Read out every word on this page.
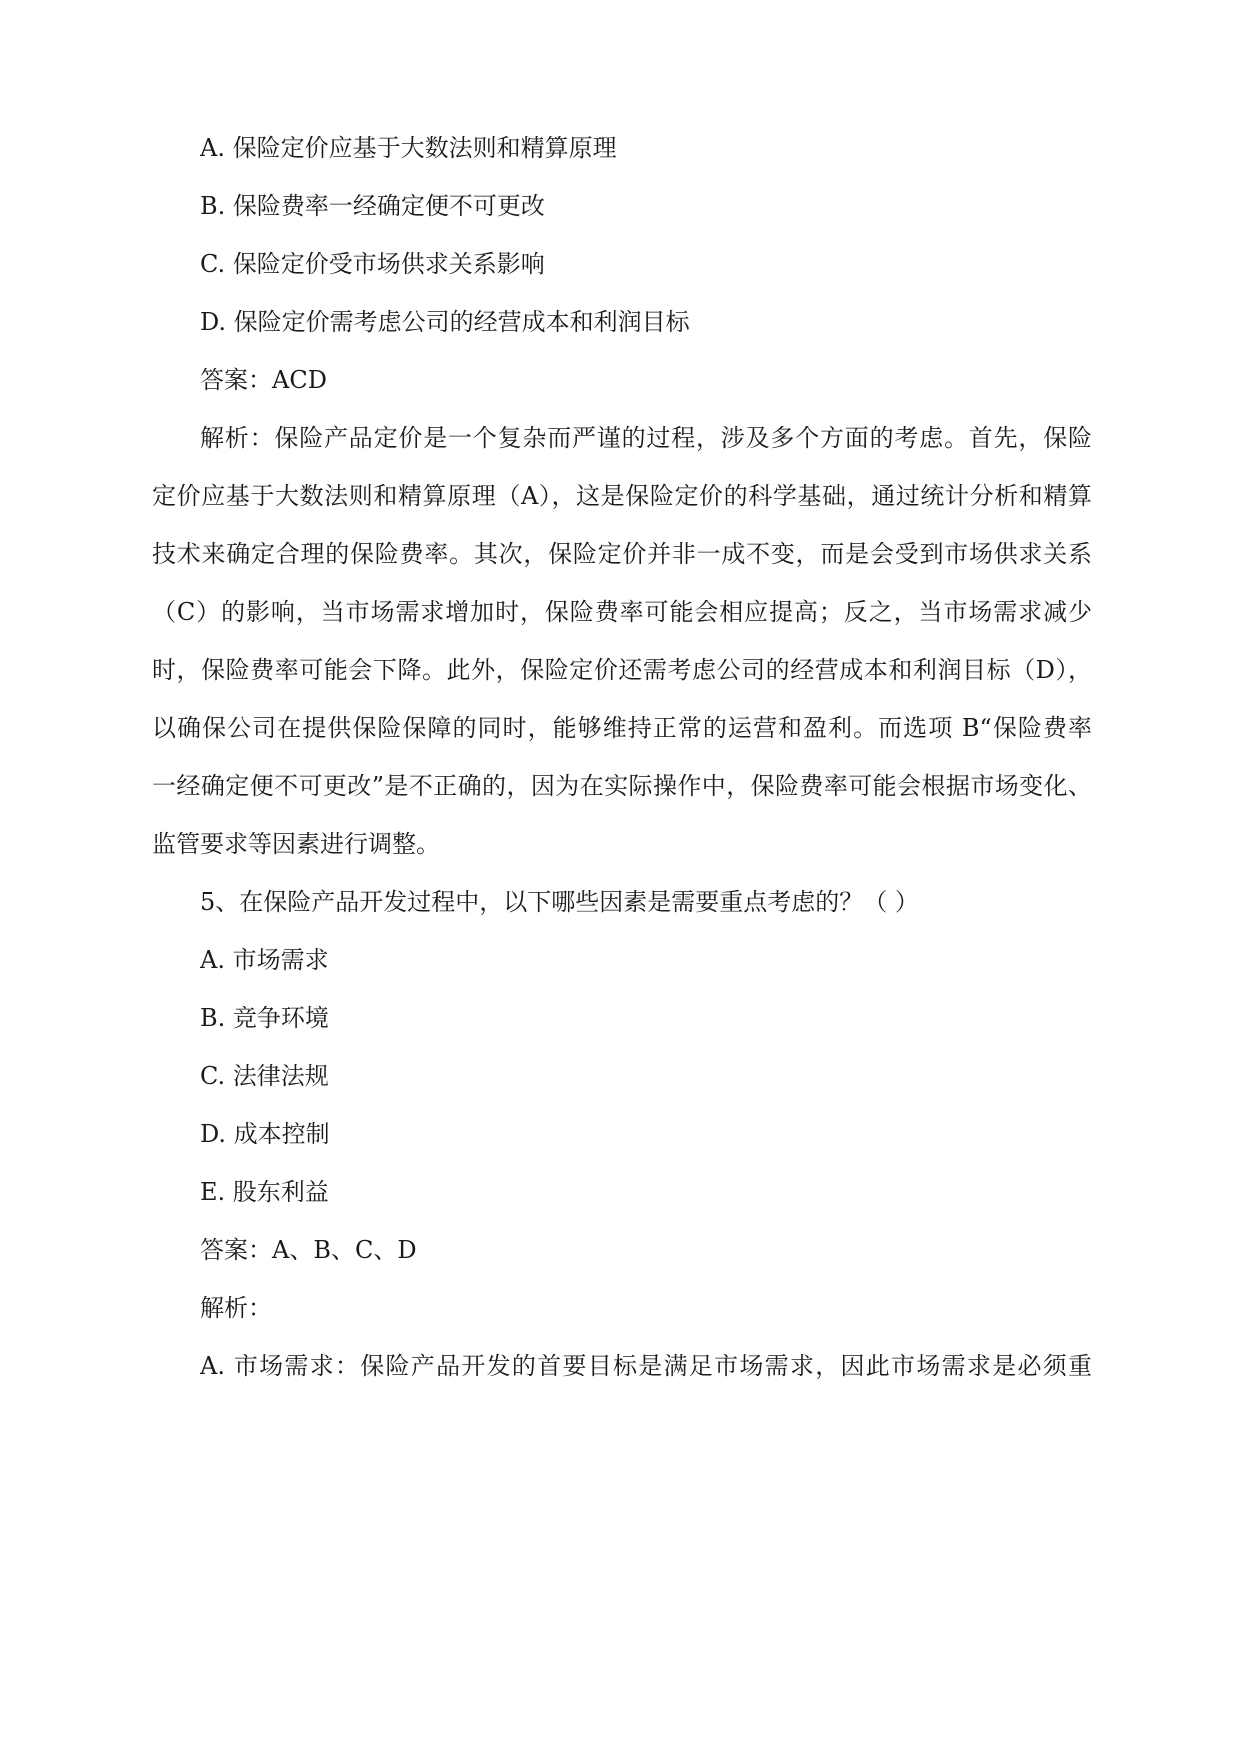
A. 保险定价应基于大数法则和精算原理
B. 保险费率一经确定便不可更改
C. 保险定价受市场供求关系影响
D. 保险定价需考虑公司的经营成本和利润目标
答案：ACD
解析：保险产品定价是一个复杂而严谨的过程，涉及多个方面的考虑。首先，保险
定价应基于大数法则和精算原理（A），这是保险定价的科学基础，通过统计分析和精算
技术来确定合理的保险费率。其次，保险定价并非一成不变，而是会受到市场供求关系
（C）的影响，当市场需求增加时，保险费率可能会相应提高；反之，当市场需求减少
时，保险费率可能会下降。此外，保险定价还需考虑公司的经营成本和利润目标（D），
以确保公司在提供保险保障的同时，能够维持正常的运营和盈利。而选项 B“保险费率
一经确定便不可更改”是不正确的，因为在实际操作中，保险费率可能会根据市场变化、
监管要求等因素进行调整。
5、在保险产品开发过程中，以下哪些因素是需要重点考虑的？（ ）
A. 市场需求
B. 竞争环境
C. 法律法规
D. 成本控制
E. 股东利益
答案：A、B、C、D
解析：
A. 市场需求：保险产品开发的首要目标是满足市场需求，因此市场需求是必须重
